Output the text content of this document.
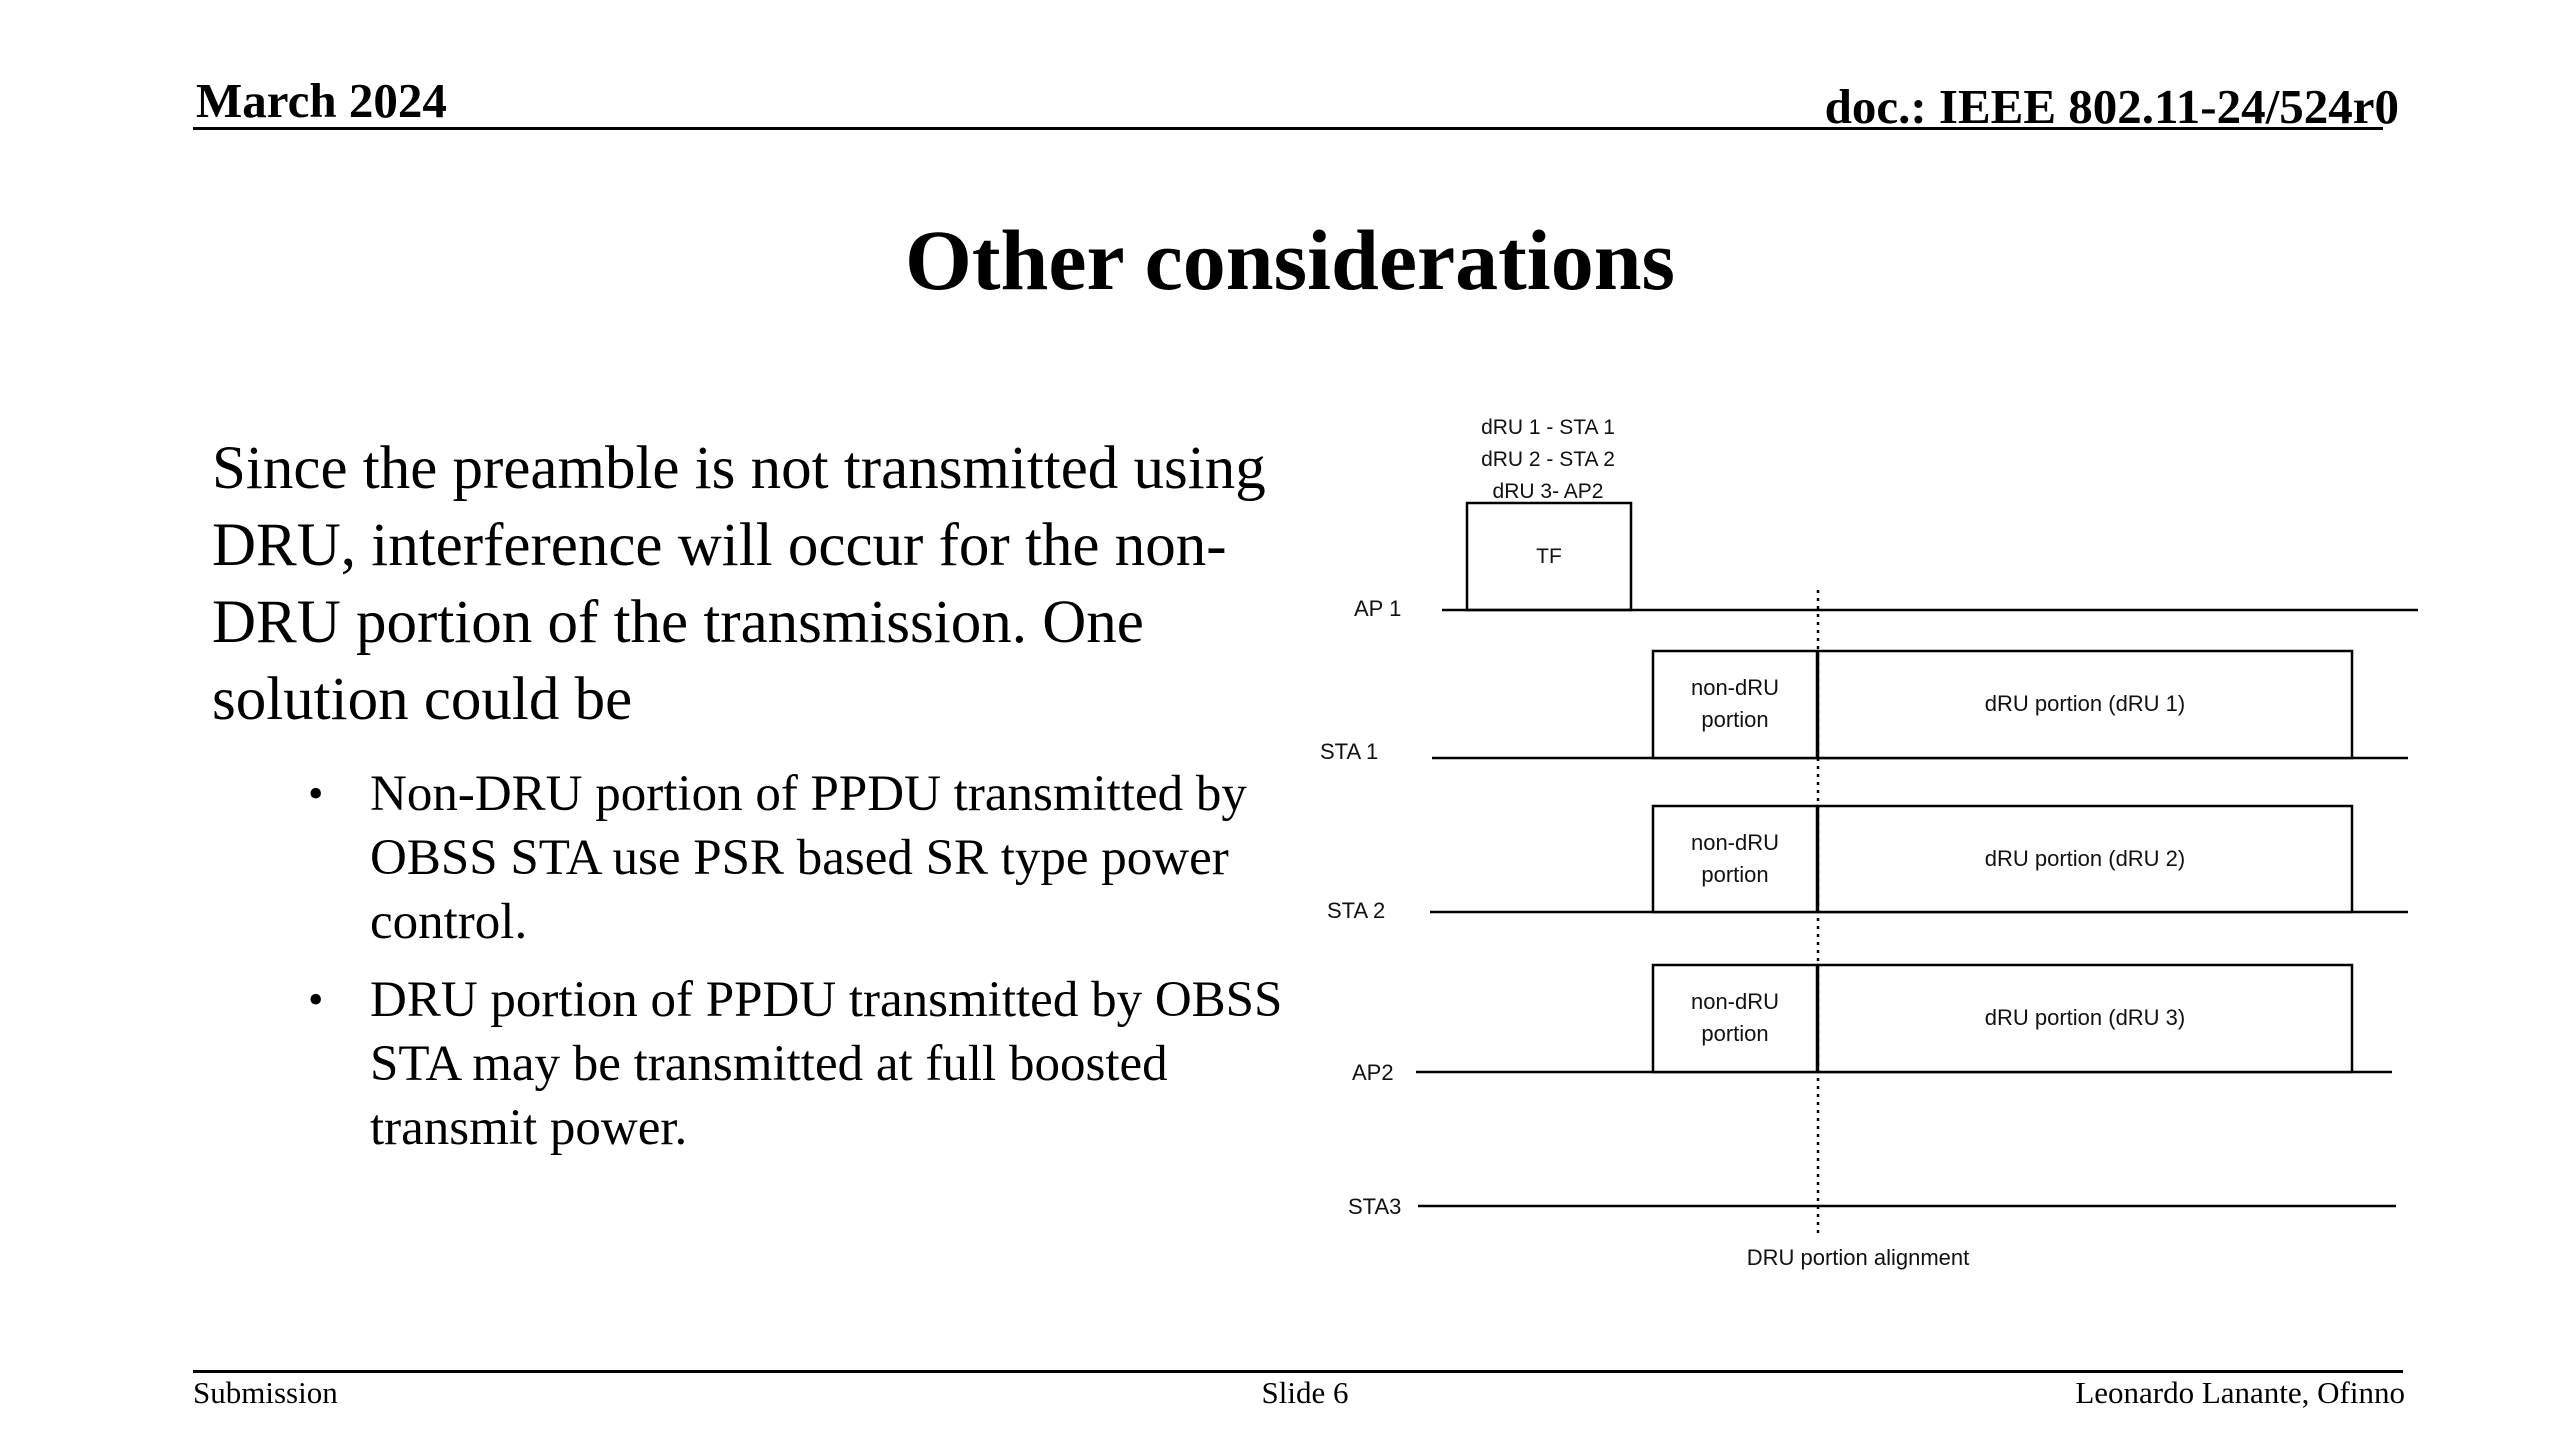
March 2024	doc.: IEEE 802.11-24/524r0
Other considerations

Since the preamble is not transmitted using DRU, interference will occur for the non-DRU portion of the transmission. One solution could be

• Non-DRU portion of PPDU transmitted by OBSS STA use PSR based SR type power control.
• DRU portion of PPDU transmitted by OBSS STA may be transmitted at full boosted transmit power.
dRU 1 - STA 1
dRU 2 - STA 2
dRU 3- AP2
TF
AP 1
STA 1
STA 2
AP2
STA3
non-dRU
portion
dRU portion (dRU 1)
non-dRU
portion
dRU portion (dRU 2)
non-dRU
portion
dRU portion (dRU 3)
DRU portion alignment
Submission	Slide 6	Leonardo Lanante, Ofinno
